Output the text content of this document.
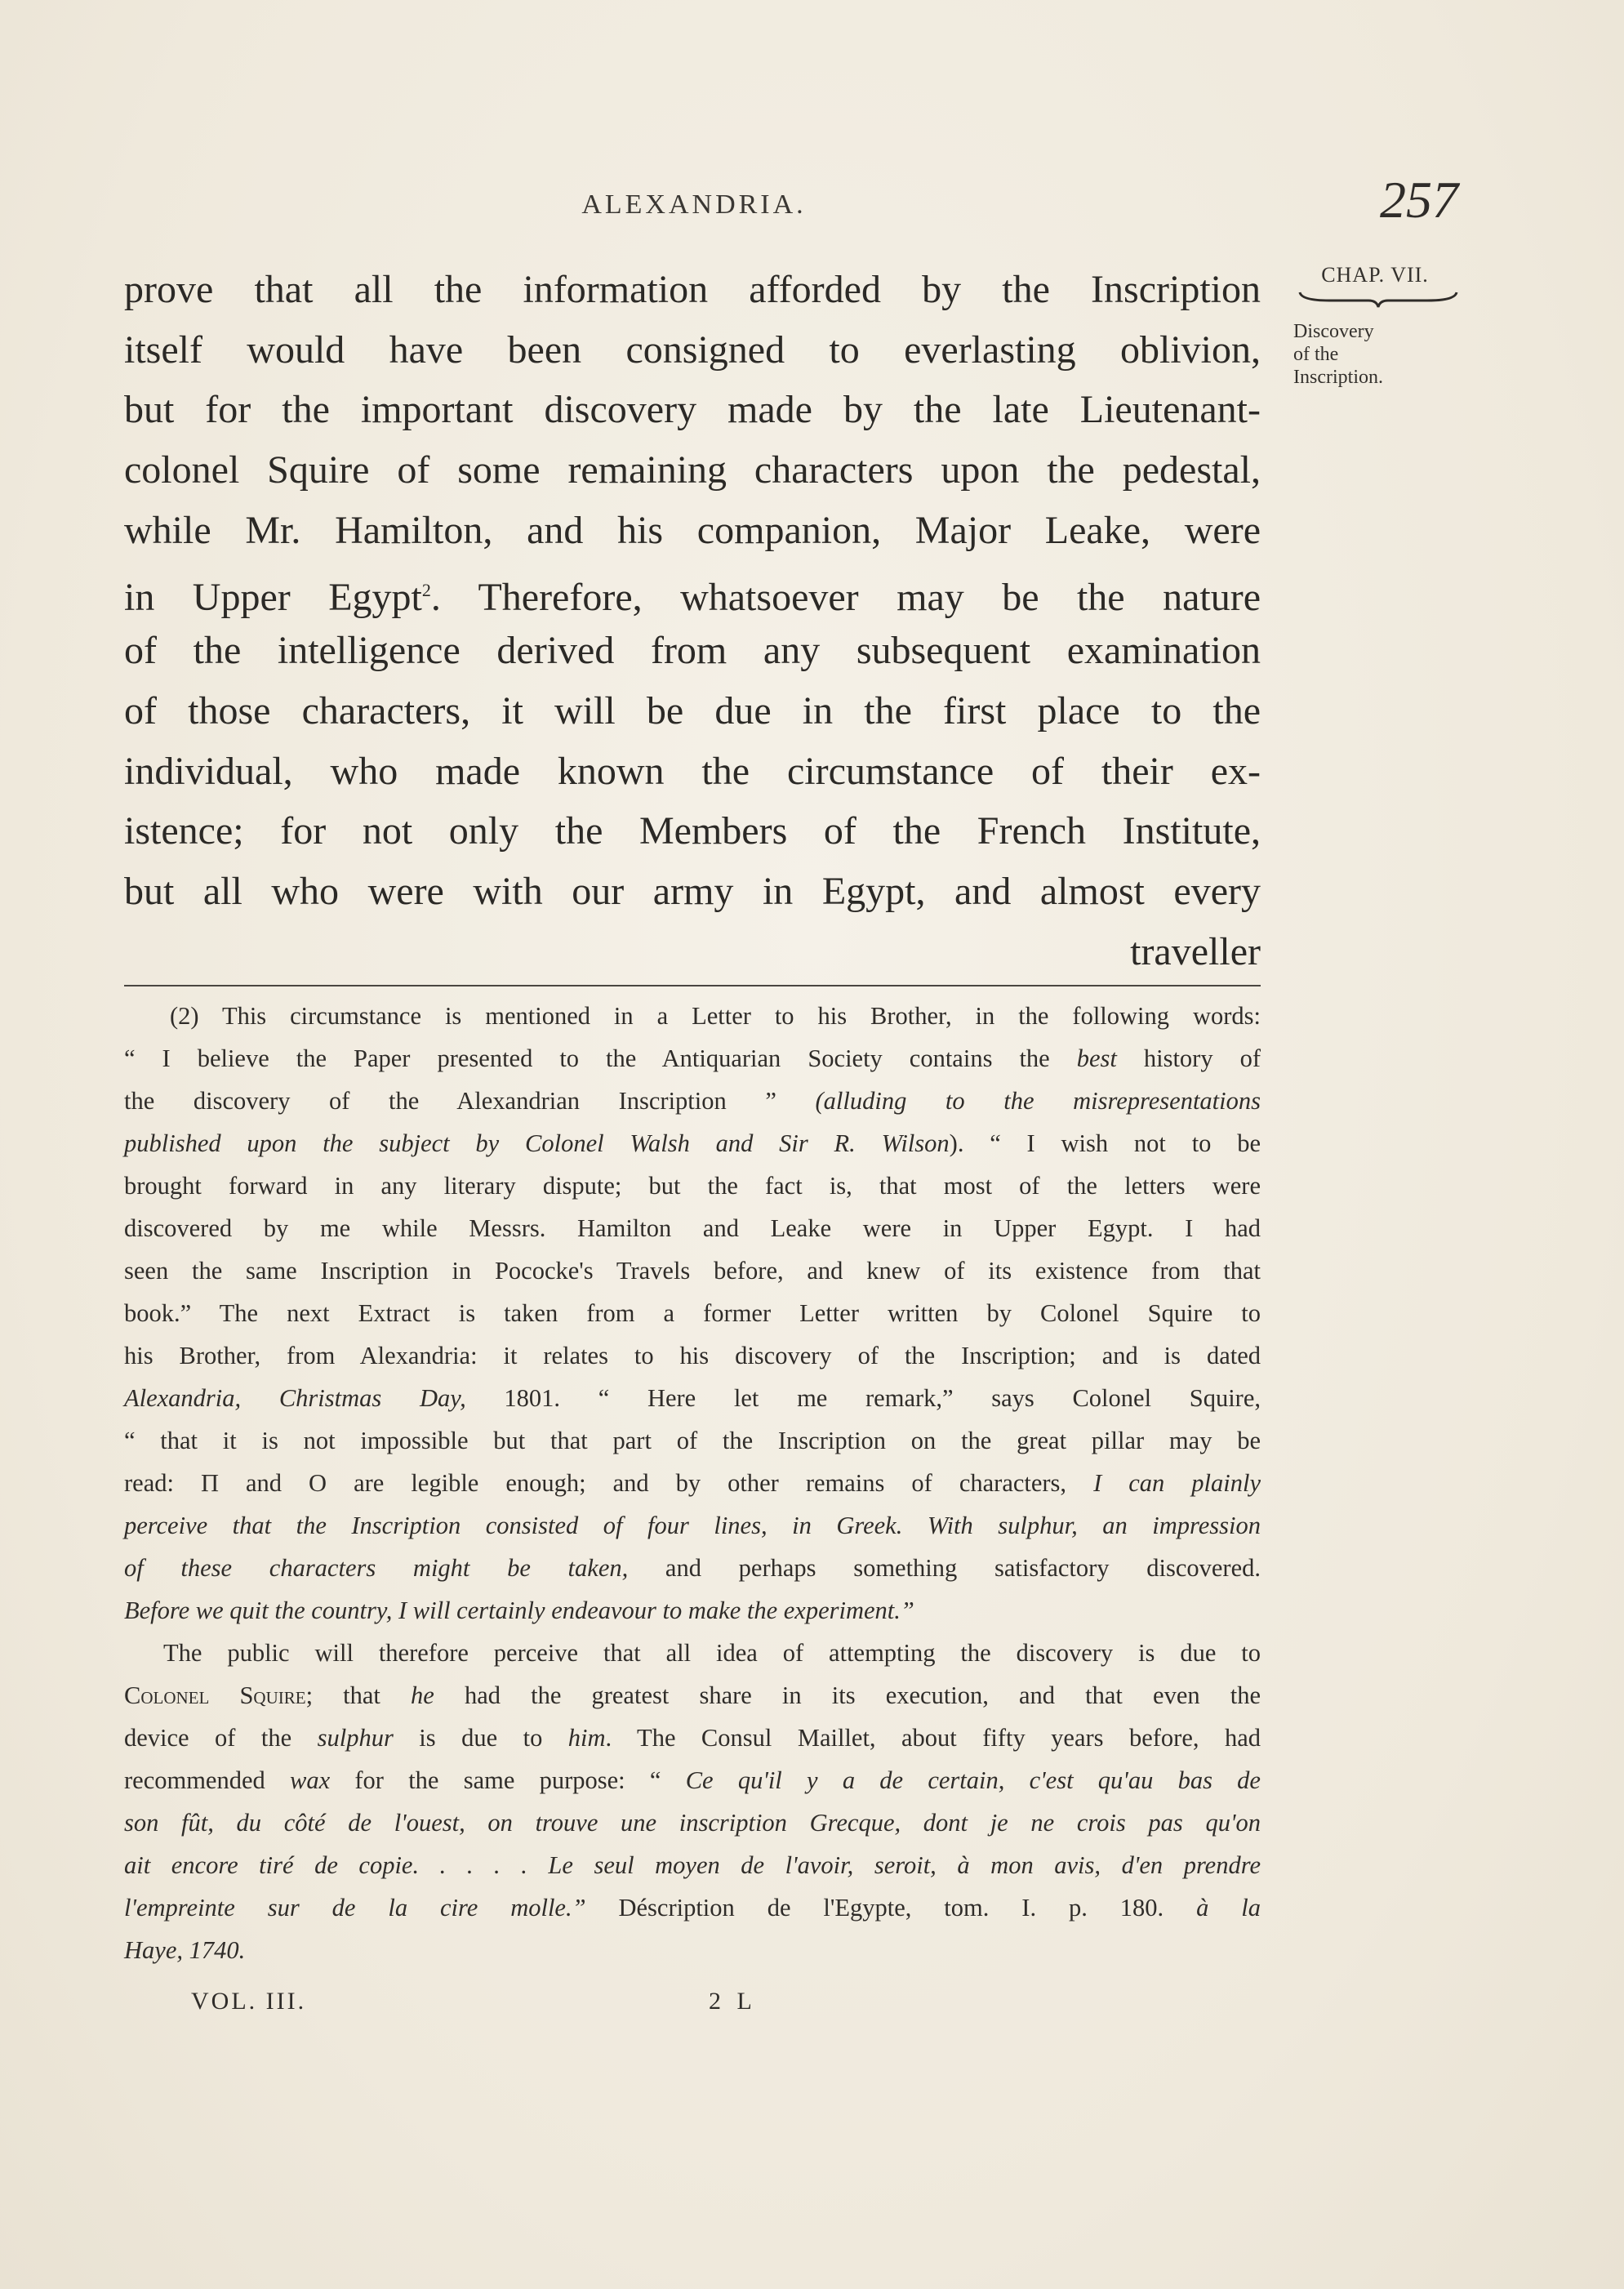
ALEXANDRIA.	257
CHAP. VII.
Discovery
of the
Inscription.
prove that all the information afforded by the Inscription
itself would have been consigned to everlasting oblivion,
but for the important discovery made by the late Lieutenant-
colonel Squire of some remaining characters upon the pedestal,
while Mr. Hamilton, and his companion, Major Leake, were
in Upper Egypt$^2$. Therefore, whatsoever may be the nature
of the intelligence derived from any subsequent examination
of those characters, it will be due in the first place to the
individual, who made known the circumstance of their ex-
istence; for not only the Members of the French Institute,
but all who were with our army in Egypt, and almost every
traveller
(2) This circumstance is mentioned in a Letter to his Brother, in the following words:
“ I believe the Paper presented to the Antiquarian Society contains the best history of
the discovery of the Alexandrian Inscription ” (alluding to the misrepresentations
published upon the subject by Colonel Walsh and Sir R. Wilson). “ I wish not to be
brought forward in any literary dispute; but the fact is, that most of the letters were
discovered by me while Messrs. Hamilton and Leake were in Upper Egypt. I had
seen the same Inscription in Pococke's Travels before, and knew of its existence from that
book.” The next Extract is taken from a former Letter written by Colonel Squire to
his Brother, from Alexandria: it relates to his discovery of the Inscription; and is dated
Alexandria, Christmas Day, 1801. “ Here let me remark,” says Colonel Squire,
“ that it is not impossible but that part of the Inscription on the great pillar may be
read: Π and O are legible enough; and by other remains of characters, I can plainly
perceive that the Inscription consisted of four lines, in Greek. With sulphur, an impression
of these characters might be taken, and perhaps something satisfactory discovered.
Before we quit the country, I will certainly endeavour to make the experiment.”
The public will therefore perceive that all idea of attempting the discovery is due to
Colonel Squire; that he had the greatest share in its execution, and that even the
device of the sulphur is due to him. The Consul Maillet, about fifty years before, had
recommended wax for the same purpose: “ Ce qu'il y a de certain, c'est qu'au bas de
son fût, du côté de l'ouest, on trouve une inscription Grecque, dont je ne crois pas qu'on
ait encore tiré de copie. . . . . Le seul moyen de l'avoir, seroit, à mon avis, d'en prendre
l'empreinte sur de la cire molle.” Déscription de l'Egypte, tom. I. p. 180. à la
Haye, 1740.
VOL. III.	2 L
